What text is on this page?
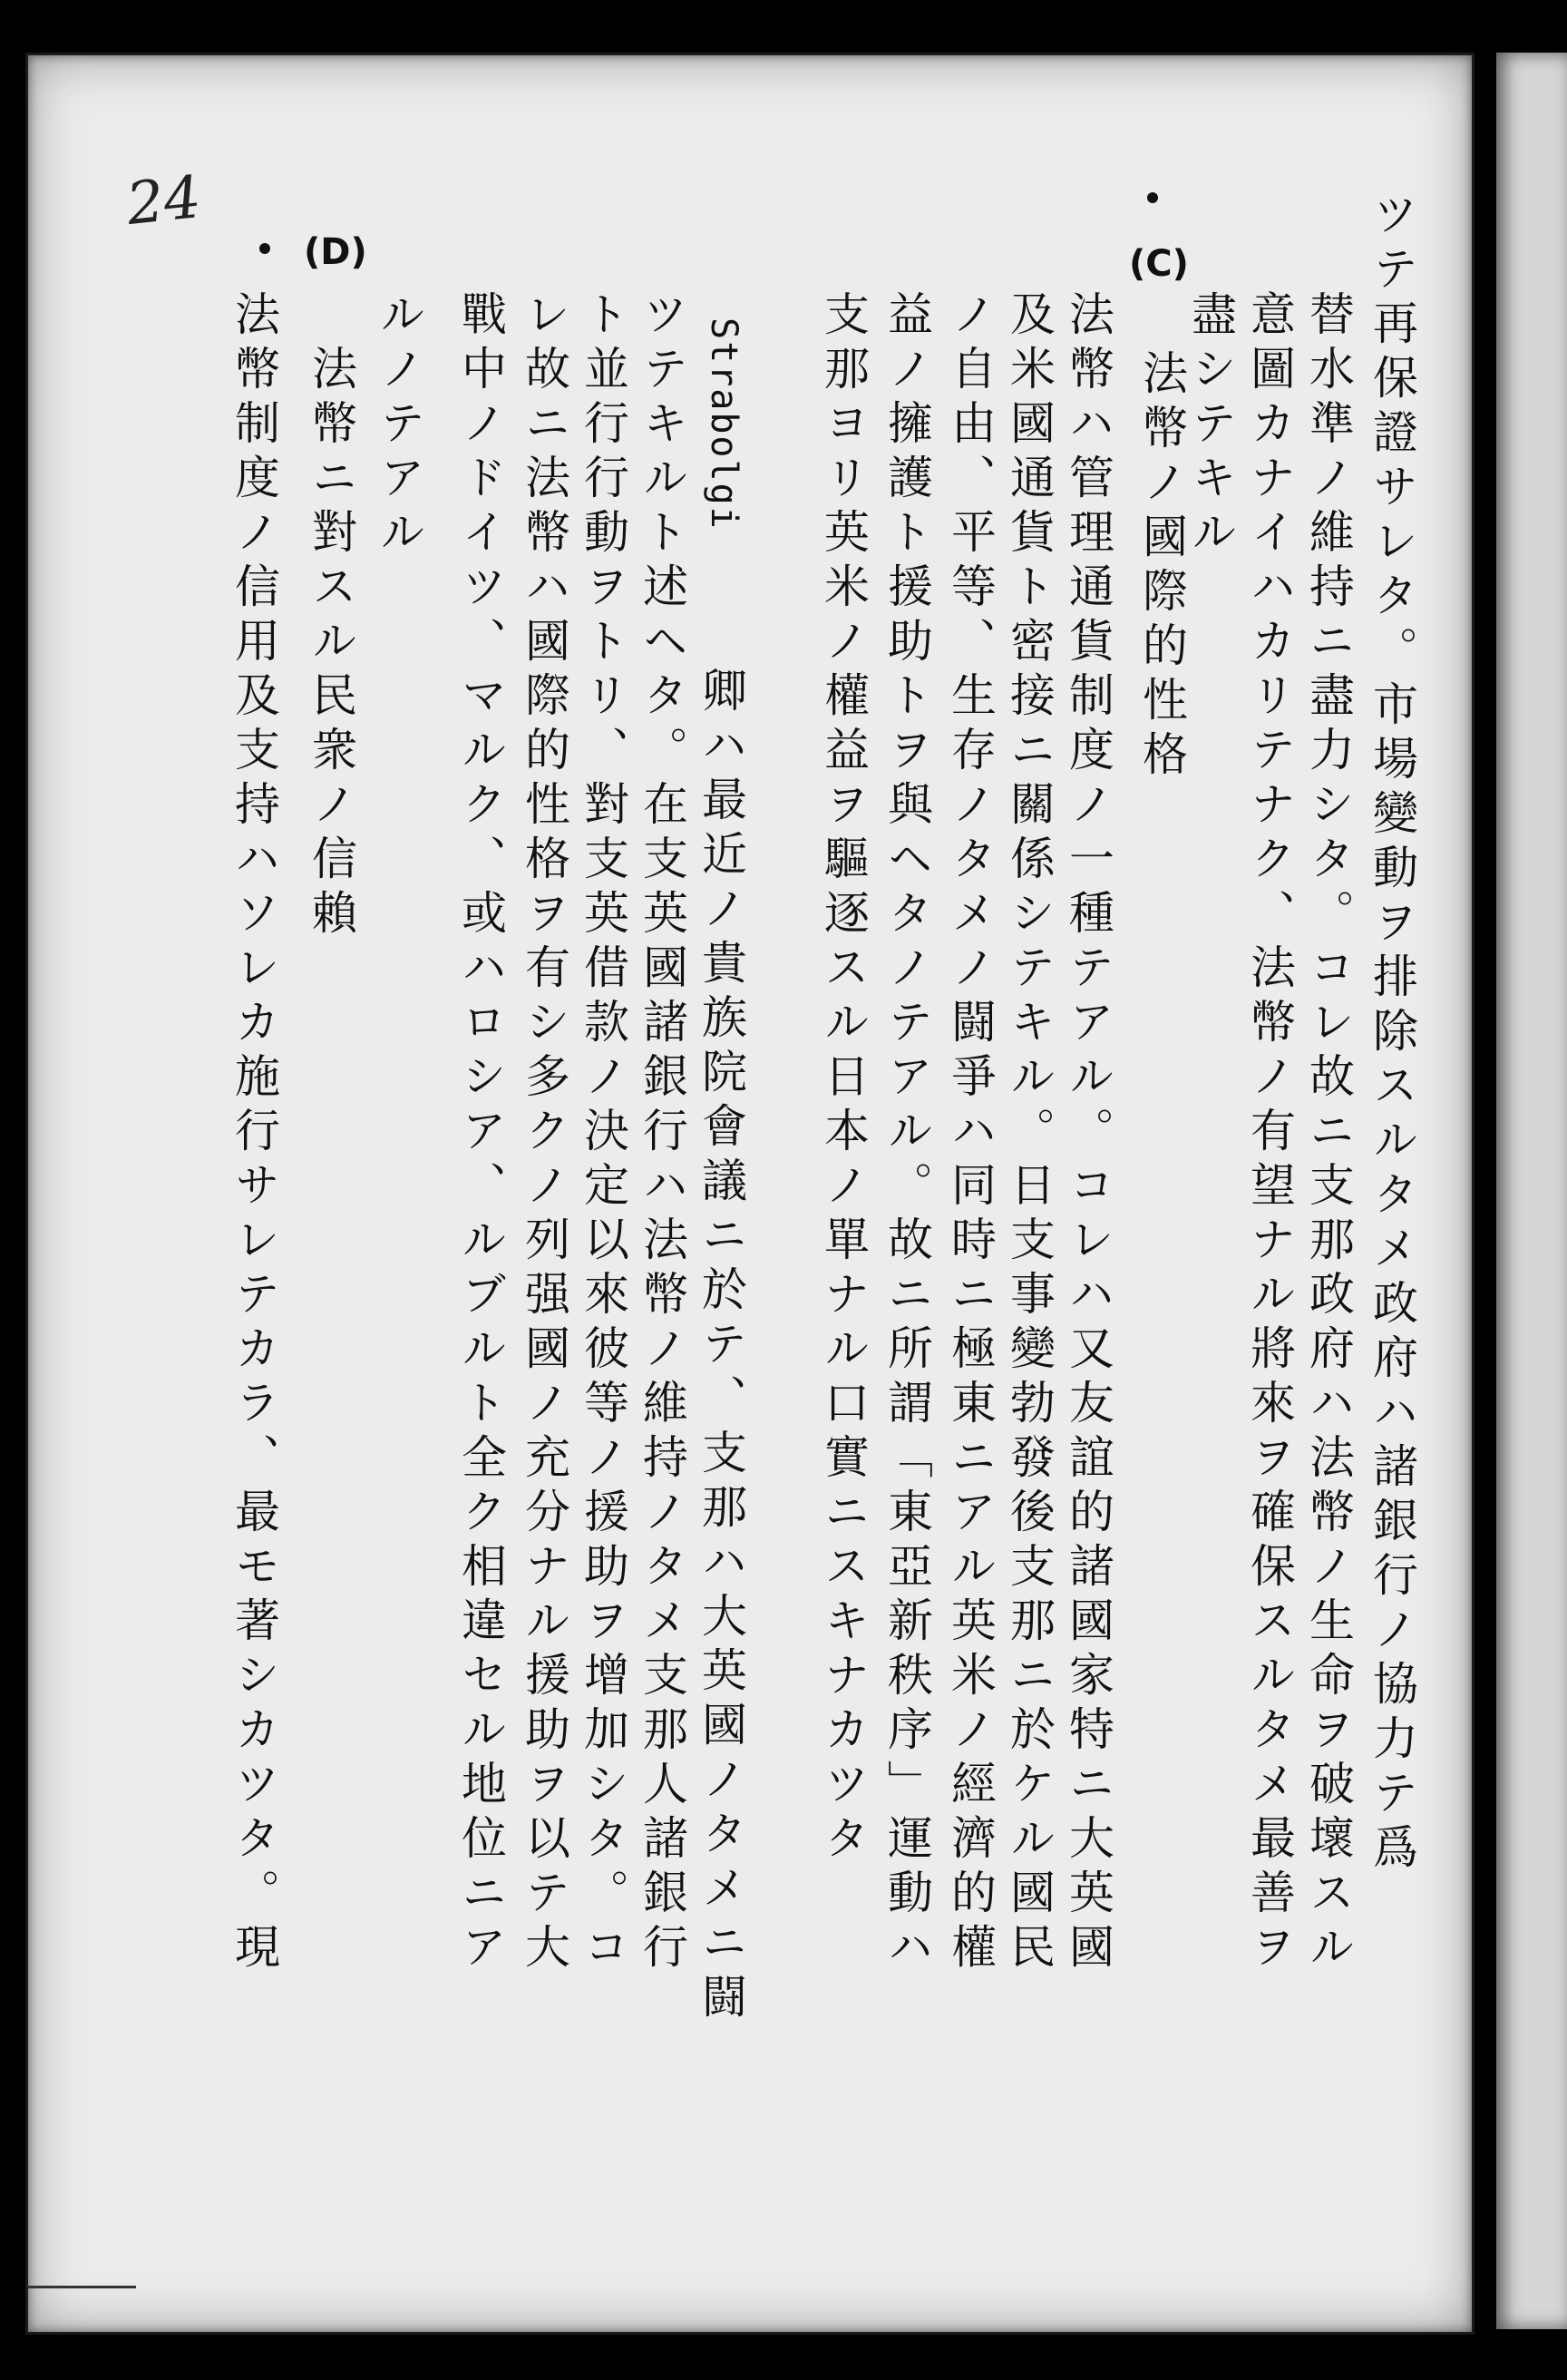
24	ツテ再保證サレタ。市場變動ヲ排除スルタメ政府ハ諸銀行ノ協力テ爲
替水準ノ維持ニ盡力シタ。コレ故ニ支那政府ハ法幣ノ生命ヲ破壞スル
意圖カナイハカリテナク、法幣ノ有望ナル將來ヲ確保スルタメ最善ヲ
盡シテキル
(C)
法幣ノ國際的性格
法幣ハ管理通貨制度ノ一種テアル。コレハ又友誼的諸國家特ニ大英國
及米國通貨ト密接ニ關係シテキル。日支事變勃發後支那ニ於ケル國民
ノ自由、平等、生存ノタメノ闘爭ハ同時ニ極東ニアル英米ノ經濟的權
益ノ擁護ト援助トヲ與ヘタノテアル。故ニ所謂「東亞新秩序」運動ハ
支那ヨリ英米ノ權益ヲ驅逐スル日本ノ單ナル口實ニスキナカツタ
Strabolgi
卿ハ最近ノ貴族院會議ニ於テ、支那ハ大英國ノタメニ闘
ツテキルト述ヘタ。在支英國諸銀行ハ法幣ノ維持ノタメ支那人諸銀行
ト並行行動ヲトリ、對支英借款ノ決定以來彼等ノ援助ヲ增加シタ。コ
レ故ニ法幣ハ國際的性格ヲ有シ多クノ列强國ノ充分ナル援助ヲ以テ大
戰中ノドイツ、マルク、或ハロシア、ルブルト全ク相違セル地位ニア
ルノテアル
(D)
法幣ニ對スル民衆ノ信賴
法幣制度ノ信用及支持ハソレカ施行サレテカラ、最モ著シカツタ。現
